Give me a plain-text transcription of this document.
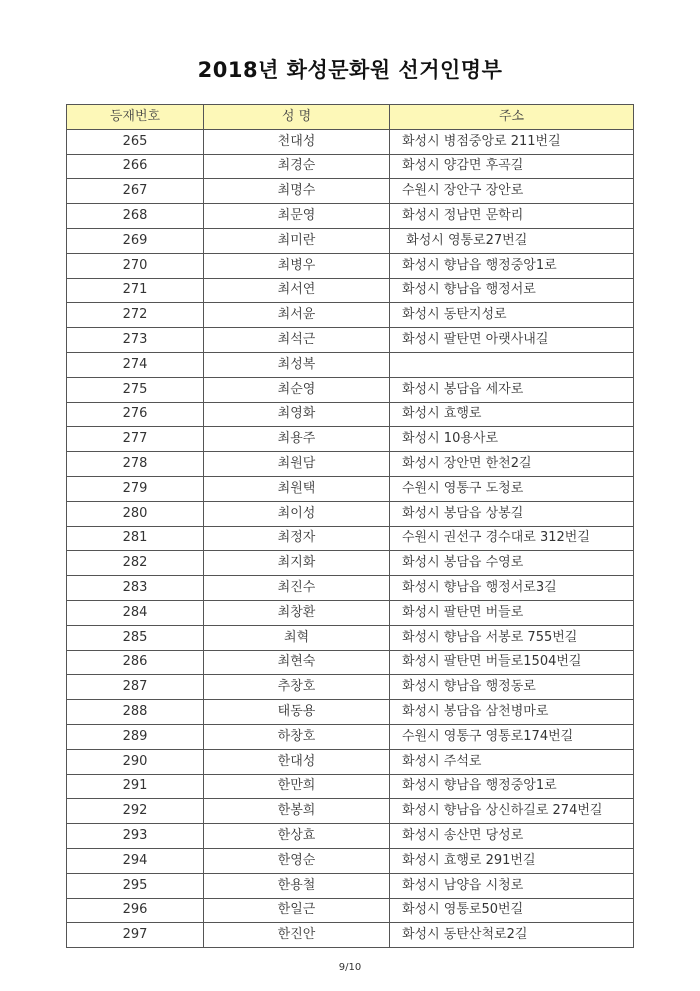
2018년 화성문화원 선거인명부
등재번호	성 명	주소
265	천대성	화성시 병점중앙로 211번길
266	최경순	화성시 양감면 후곡길
267	최명수	수원시 장안구 장안로
268	최문영	화성시 정남면 문학리
269	최미란	화성시 영통로27번길
270	최병우	화성시 향남읍 행정중앙1로
271	최서연	화성시 향남읍 행정서로
272	최서윤	화성시 동탄지성로
273	최석근	화성시 팔탄면 아랫사내길
274	최성복	
275	최순영	화성시 봉담읍 세자로
276	최영화	화성시 효행로
277	최용주	화성시 10용사로
278	최원담	화성시 장안면 한천2길
279	최원택	수원시 영통구 도청로
280	최이성	화성시 봉담읍 상봉길
281	최정자	수원시 권선구 경수대로 312번길
282	최지화	화성시 봉담읍 수영로
283	최진수	화성시 향남읍 행정서로3길
284	최창환	화성시 팔탄면 버들로
285	최혁	화성시 향남읍 서봉로 755번길
286	최현숙	화성시 팔탄면 버들로1504번길
287	추창호	화성시 향남읍 행정동로
288	태동용	화성시 봉담읍 삼천병마로
289	하창호	수원시 영통구 영통로174번길
290	한대성	화성시 주석로
291	한만희	화성시 향남읍 행정중앙1로
292	한봉희	화성시 향남읍 상신하길로 274번길
293	한상효	화성시 송산면 당성로
294	한영순	화성시 효행로 291번길
295	한용철	화성시 남양읍 시청로
296	한일근	화성시 영통로50번길
297	한진안	화성시 동탄산척로2길
9/10
